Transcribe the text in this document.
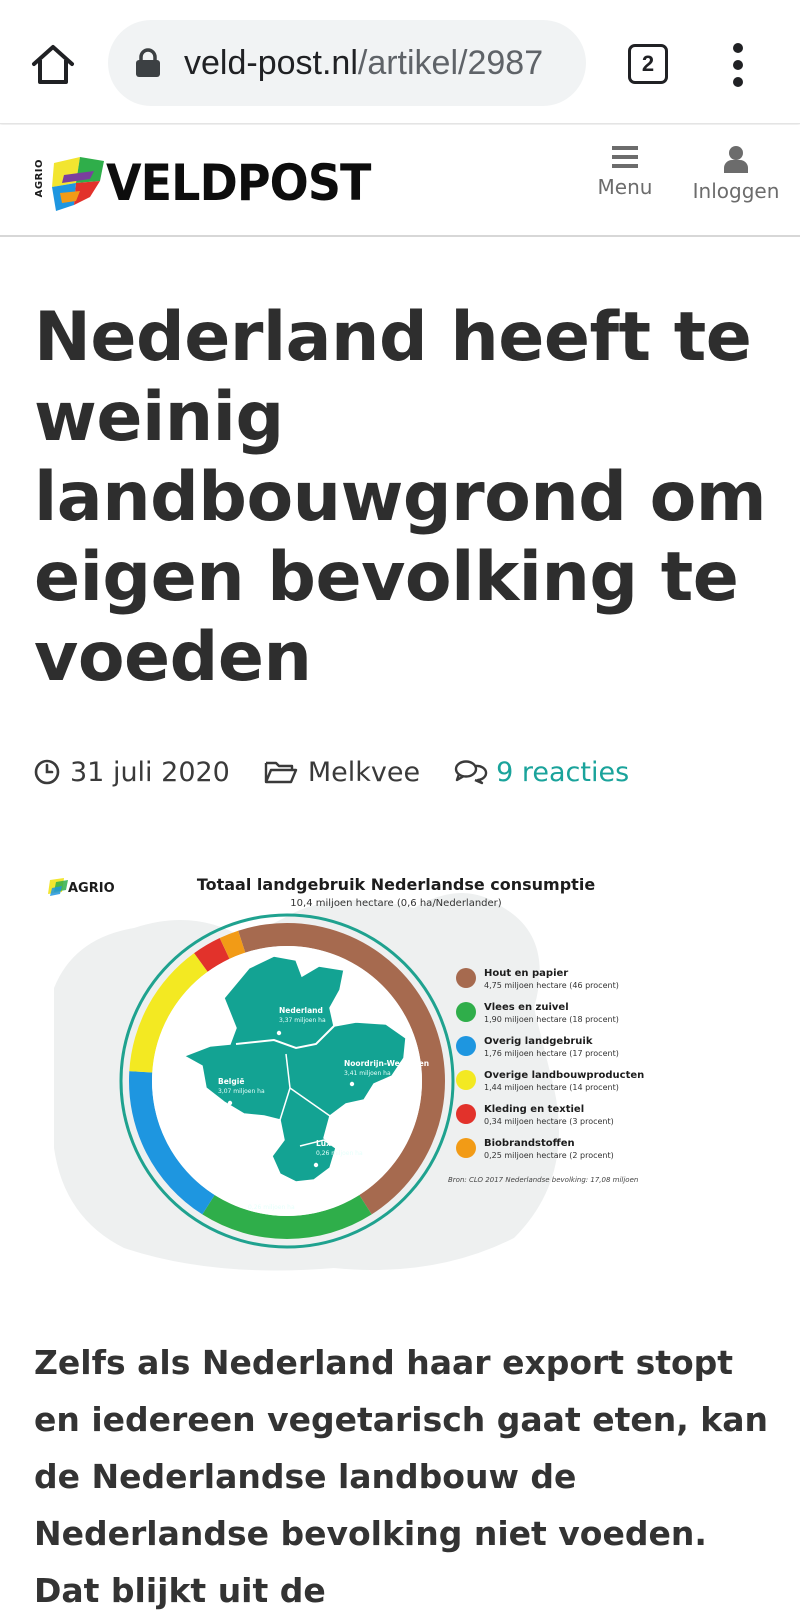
veld-post.nl/artikel/2987	2
AGRIO VELDPOST	Menu	Inloggen
Nederland heeft te weinig landbouwgrond om eigen bevolking te voeden
31 juli 2020	Melkvee	9 reacties
AGRIO	Totaal landgebruik Nederlandse consumptie
10,4 miljoen hectare (0,6 ha/Nederlander)
Nederland
3,37 miljoen ha
Noordrijn-Westfalen
3,41 miljoen ha
België
3,07 miljoen ha
Luxemburg
0,26 miljoen ha
Saarland
0,26 miljoen ha
Hout en papier
4,75 miljoen hectare (46 procent)
Vlees en zuivel
1,90 miljoen hectare (18 procent)
Overig landgebruik
1,76 miljoen hectare (17 procent)
Overige landbouwproducten
1,44 miljoen hectare (14 procent)
Kleding en textiel
0,34 miljoen hectare (3 procent)
Biobrandstoffen
0,25 miljoen hectare (2 procent)
Bron: CLO 2017 Nederlandse bevolking: 17,08 miljoen

Zelfs als Nederland haar export stopt en iedereen vegetarisch gaat eten, kan de Nederlandse landbouw de Nederlandse bevolking niet voeden. Dat blijkt uit de
